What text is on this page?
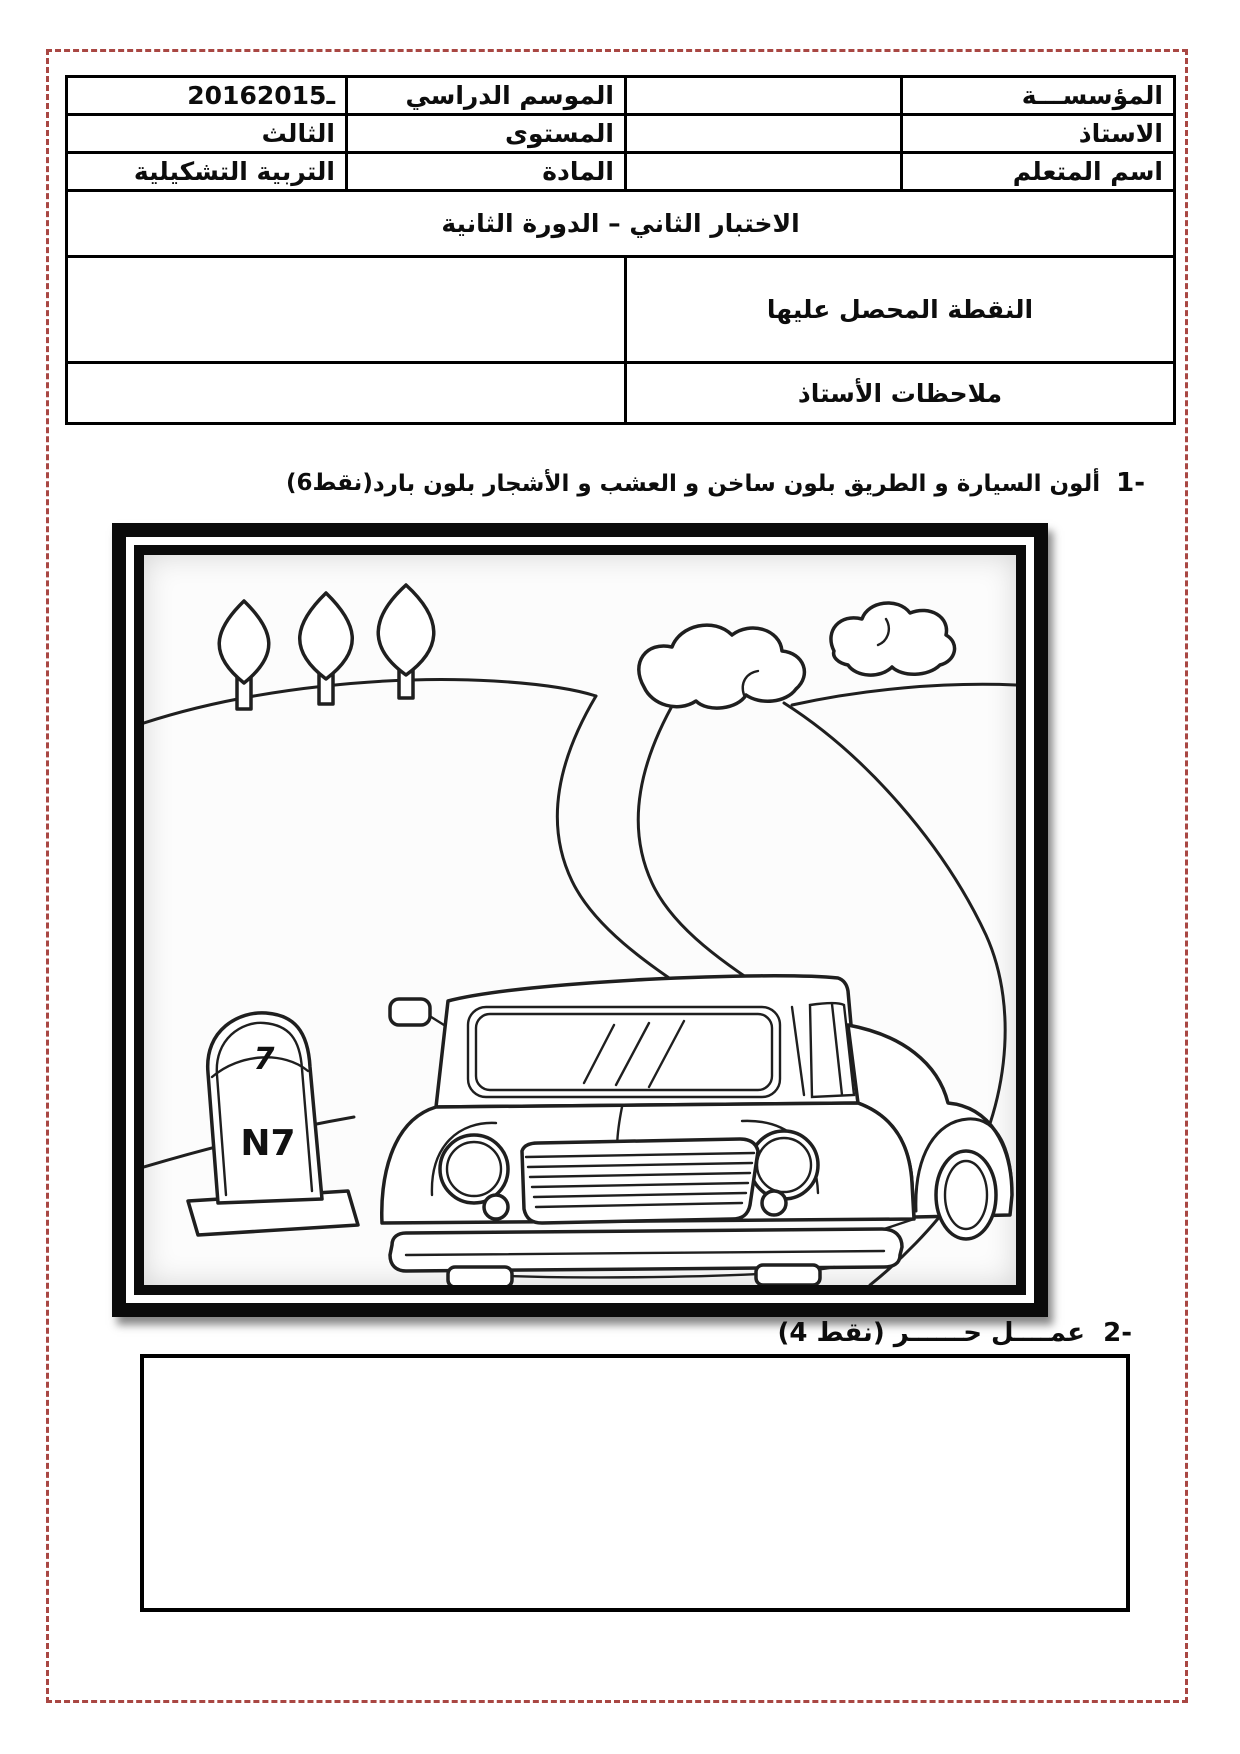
المؤسســـة		الموسم الدراسي	2016ـ2015
الاستاذ		المستوى	الثالث
اسم المتعلم		المادة	التربية التشكيلية
الاختبار الثاني – الدورة الثانية			
النقطة المحصل عليها			
ملاحظات الأستاذ			
1-  ألون السيارة و الطريق بلون ساخن و العشب و الأشجار بلون بارد
(6نقط)
7
N7
2-  عمــــل حــــــر (4 نقط)
